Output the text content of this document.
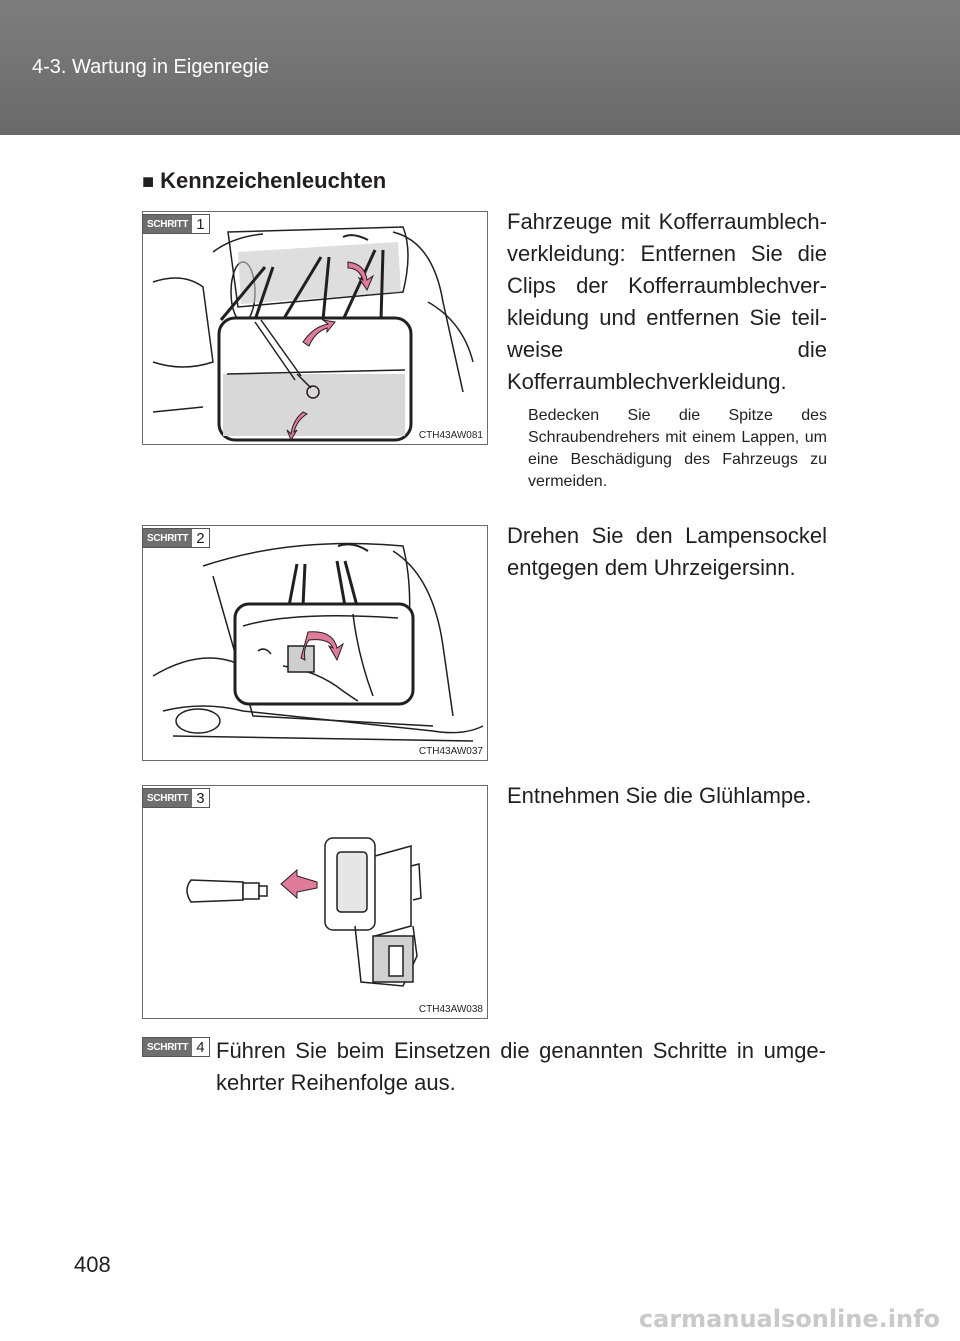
4-3. Wartung in Eigenregie
■ Kennzeichenleuchten
CTH43AW081
SCHRITT 1	Fahrzeuge mit Kofferraumblech-verkleidung: Entfernen Sie die Clips der Kofferraumblechver-kleidung und entfernen Sie teil-weise die Kofferraumblechverkleidung.
Bedecken Sie die Spitze des Schraubendrehers mit einem Lappen, um eine Beschädigung des Fahrzeugs zu vermeiden.
CTH43AW037
SCHRITT 2	Drehen Sie den Lampensockel entgegen dem Uhrzeigersinn.
CTH43AW038
SCHRITT 3	Entnehmen Sie die Glühlampe.
SCHRITT 4 Führen Sie beim Einsetzen die genannten Schritte in umge-kehrter Reihenfolge aus.
408
carmanualsonline.info
